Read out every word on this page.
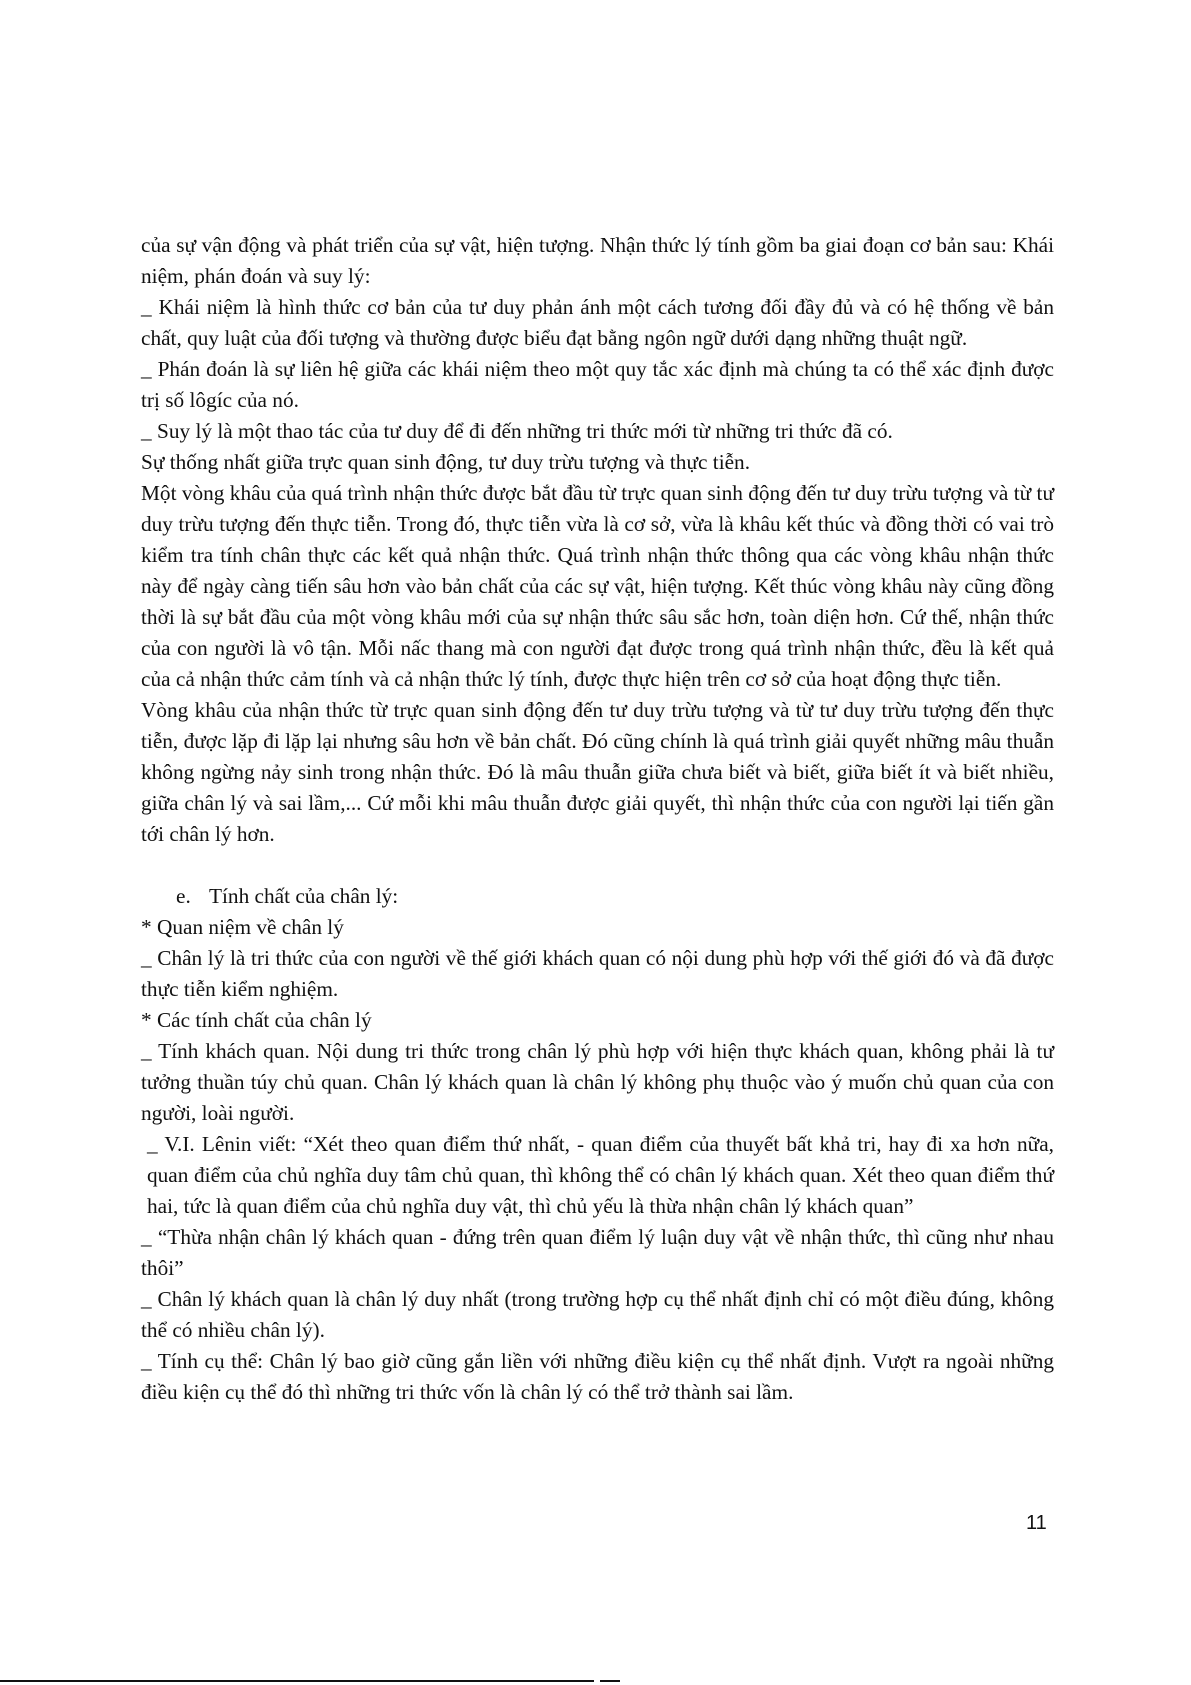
của sự vận động và phát triển của sự vật, hiện tượng. Nhận thức lý tính gồm ba giai đoạn cơ bản sau: Khái niệm, phán đoán và suy lý:

_ Khái niệm là hình thức cơ bản của tư duy phản ánh một cách tương đối đầy đủ và có hệ thống về bản chất, quy luật của đối tượng và thường được biểu đạt bằng ngôn ngữ dưới dạng những thuật ngữ.

_ Phán đoán là sự liên hệ giữa các khái niệm theo một quy tắc xác định mà chúng ta có thể xác định được trị số lôgíc của nó.

_ Suy lý là một thao tác của tư duy để đi đến những tri thức mới từ những tri thức đã có.

Sự thống nhất giữa trực quan sinh động, tư duy trừu tượng và thực tiễn.

Một vòng khâu của quá trình nhận thức được bắt đầu từ trực quan sinh động đến tư duy trừu tượng và từ tư duy trừu tượng đến thực tiễn. Trong đó, thực tiễn vừa là cơ sở, vừa là khâu kết thúc và đồng thời có vai trò kiểm tra tính chân thực các kết quả nhận thức. Quá trình nhận thức thông qua các vòng khâu nhận thức này để ngày càng tiến sâu hơn vào bản chất của các sự vật, hiện tượng. Kết thúc vòng khâu này cũng đồng thời là sự bắt đầu của một vòng khâu mới của sự nhận thức sâu sắc hơn, toàn diện hơn. Cứ thế, nhận thức của con người là vô tận. Mỗi nấc thang mà con người đạt được trong quá trình nhận thức, đều là kết quả của cả nhận thức cảm tính và cả nhận thức lý tính, được thực hiện trên cơ sở của hoạt động thực tiễn.

Vòng khâu của nhận thức từ trực quan sinh động đến tư duy trừu tượng và từ tư duy trừu tượng đến thực tiễn, được lặp đi lặp lại nhưng sâu hơn về bản chất. Đó cũng chính là quá trình giải quyết những mâu thuẫn không ngừng nảy sinh trong nhận thức. Đó là mâu thuẫn giữa chưa biết và biết, giữa biết ít và biết nhiều, giữa chân lý và sai lầm,... Cứ mỗi khi mâu thuẫn được giải quyết, thì nhận thức của con người lại tiến gần tới chân lý hơn.

e. Tính chất của chân lý:

* Quan niệm về chân lý

_ Chân lý là tri thức của con người về thế giới khách quan có nội dung phù hợp với thế giới đó và đã được thực tiễn kiểm nghiệm.

* Các tính chất của chân lý

_ Tính khách quan. Nội dung tri thức trong chân lý phù hợp với hiện thực khách quan, không phải là tư tưởng thuần túy chủ quan. Chân lý khách quan là chân lý không phụ thuộc vào ý muốn chủ quan của con người, loài người.

_ V.I. Lênin viết: “Xét theo quan điểm thứ nhất, - quan điểm của thuyết bất khả tri, hay đi xa hơn nữa, quan điểm của chủ nghĩa duy tâm chủ quan, thì không thể có chân lý khách quan. Xét theo quan điểm thứ hai, tức là quan điểm của chủ nghĩa duy vật, thì chủ yếu là thừa nhận chân lý khách quan”

_ “Thừa nhận chân lý khách quan - đứng trên quan điểm lý luận duy vật về nhận thức, thì cũng như nhau thôi”

_ Chân lý khách quan là chân lý duy nhất (trong trường hợp cụ thể nhất định chỉ có một điều đúng, không thể có nhiều chân lý).

_ Tính cụ thể: Chân lý bao giờ cũng gắn liền với những điều kiện cụ thể nhất định. Vượt ra ngoài những điều kiện cụ thể đó thì những tri thức vốn là chân lý có thể trở thành sai lầm.

11
